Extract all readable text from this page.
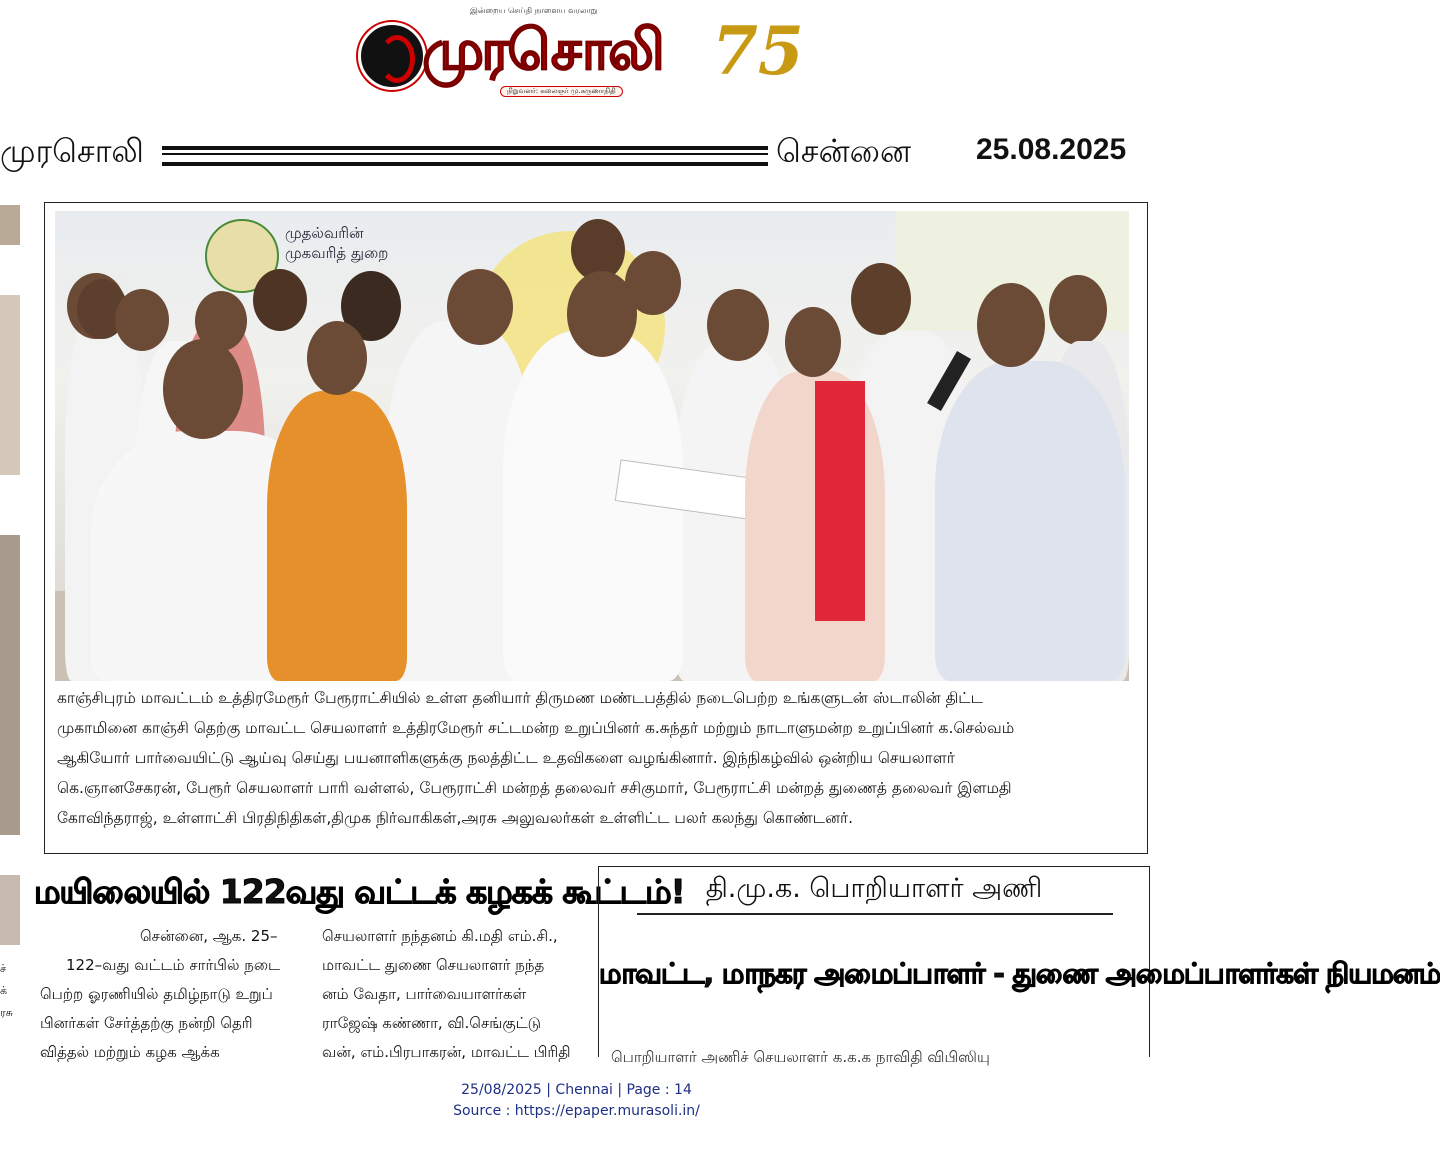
இன்றைய செய்தி நாளைய வரலாறு
முரசொலி 75
நிறுவனர்: கலைஞர் மு.கருணாநிதி
முரசொலி	சென்னை 25.08.2025
ச்
க்
ரசு
முதல்வரின்
முகவரித் துறை

காஞ்சிபுரம் மாவட்டம் உத்திரமேரூர் பேரூராட்சியில் உள்ள தனியார் திருமண மண்டபத்தில் நடைபெற்ற உங்களுடன் ஸ்டாலின் திட்ட

முகாமினை காஞ்சி தெற்கு மாவட்ட செயலாளர் உத்திரமேரூர் சட்டமன்ற உறுப்பினர் க.சுந்தர் மற்றும் நாடாளுமன்ற உறுப்பினர் க.செல்வம்

ஆகியோர் பார்வையிட்டு ஆய்வு செய்து பயனாளிகளுக்கு நலத்திட்ட உதவிகளை வழங்கினார். இந்நிகழ்வில் ஒன்றிய செயலாளர்

கெ.ஞானசேகரன், பேரூர் செயலாளர் பாரி வள்ளல், பேரூராட்சி மன்றத் தலைவர் சசிகுமார், பேரூராட்சி மன்றத் துணைத் தலைவர் இளமதி

கோவிந்தராஜ், உள்ளாட்சி பிரதிநிதிகள்,திமுக நிர்வாகிகள்,அரசு அலுவலர்கள் உள்ளிட்ட பலர் கலந்து கொண்டனர்.

மயிலையில் 122வது வட்டக் கழகக் கூட்டம்!

சென்னை, ஆக. 25–

122–வது வட்டம் சார்பில் நடை

பெற்ற ஓரணியில் தமிழ்நாடு உறுப்

பினர்கள் சேர்த்தற்கு நன்றி தெரி

வித்தல் மற்றும் கழக ஆக்க

செயலாளர் நந்தனம் கி.மதி எம்.சி.,

மாவட்ட துணை செயலாளர் நந்த

னம் வேதா, பார்வையாளர்கள்

ராஜேஷ் கண்ணா, வி.செங்குட்டு

வன், எம்.பிரபாகரன், மாவட்ட பிரிதி

தி.மு.க. பொறியாளர் அணி
மாவட்ட, மாநகர அமைப்பாளர் - துணை அமைப்பாளர்கள் நியமனம்
பொறியாளர் அணிச் செயலாளர் க.க.க நாவிதி விபிஸியு
25/08/2025 | Chennai | Page : 14
Source : https://epaper.murasoli.in/
